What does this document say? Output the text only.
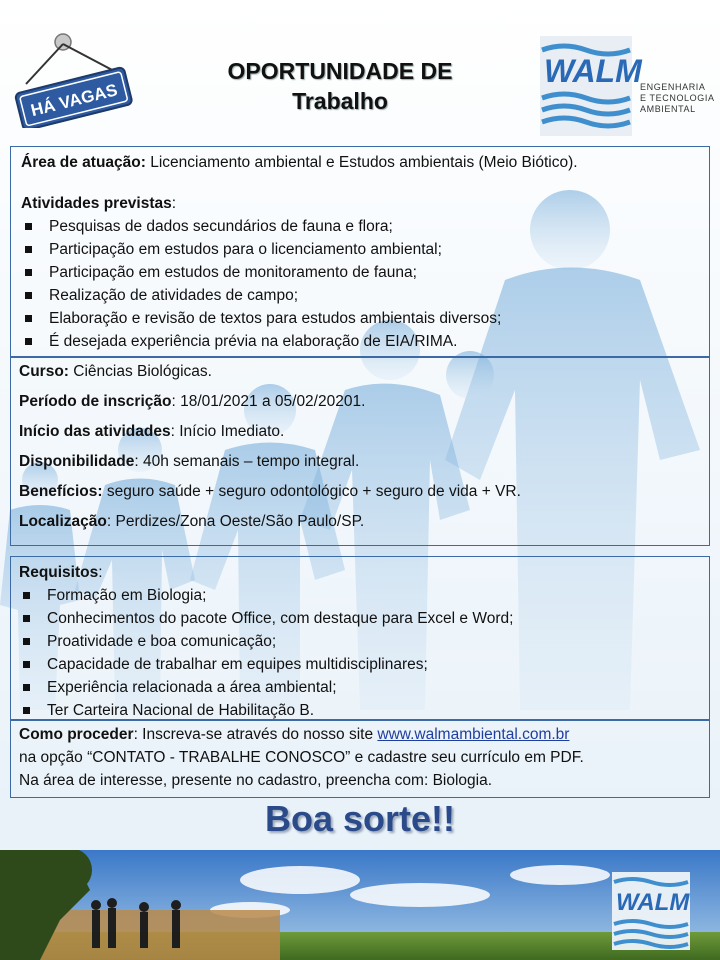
HÁ VAGAS
OPORTUNIDADE DE
Trabalho
WALM
ENGENHARIA
E TECNOLOGIA
AMBIENTAL
Área de atuação: Licenciamento ambiental e Estudos ambientais (Meio Biótico).
Atividades previstas:
Pesquisas de dados secundários de fauna e flora;
Participação em estudos para o licenciamento ambiental;
Participação em estudos de monitoramento de fauna;
Realização de atividades de campo;
Elaboração e revisão de textos para estudos ambientais diversos;
É desejada experiência prévia na elaboração de EIA/RIMA.

Curso: Ciências Biológicas.

Período de inscrição: 18/01/2021 a 05/02/20201.

Início das atividades: Início Imediato.

Disponibilidade: 40h semanais – tempo integral.

Benefícios: seguro saúde + seguro odontológico + seguro de vida + VR.

Localização: Perdizes/Zona Oeste/São Paulo/SP.

Requisitos:
Formação em Biologia;
Conhecimentos do pacote Office, com destaque para Excel e Word;
Proatividade e boa comunicação;
Capacidade de trabalhar em equipes multidisciplinares;
Experiência relacionada a área ambiental;
Ter Carteira Nacional de Habilitação B.
Como proceder: Inscreva-se através do nosso site www.walmambiental.com.br
na opção “CONTATO - TRABALHE CONOSCO” e cadastre seu currículo em PDF.
Na área de interesse, presente no cadastro, preencha com: Biologia.
Boa sorte!!
WALM
